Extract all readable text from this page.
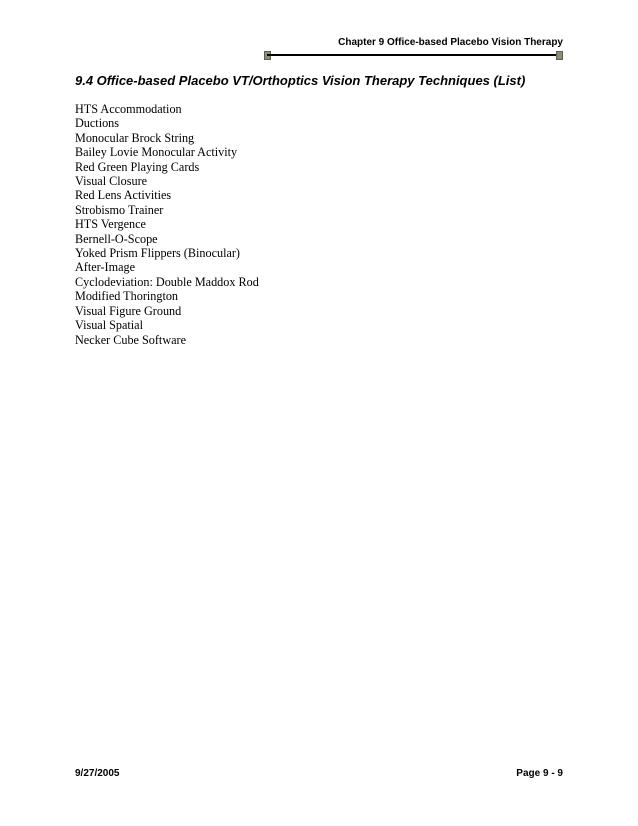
Chapter 9 Office-based Placebo Vision Therapy
9.4 Office-based Placebo VT/Orthoptics Vision Therapy Techniques (List)
HTS Accommodation
Ductions
Monocular Brock String
Bailey Lovie Monocular Activity
Red Green Playing Cards
Visual Closure
Red Lens Activities
Strobismo Trainer
HTS Vergence
Bernell-O-Scope
Yoked Prism Flippers (Binocular)
After-Image
Cyclodeviation: Double Maddox Rod
Modified Thorington
Visual Figure Ground
Visual Spatial
Necker Cube Software
9/27/2005	Page 9 - 9
